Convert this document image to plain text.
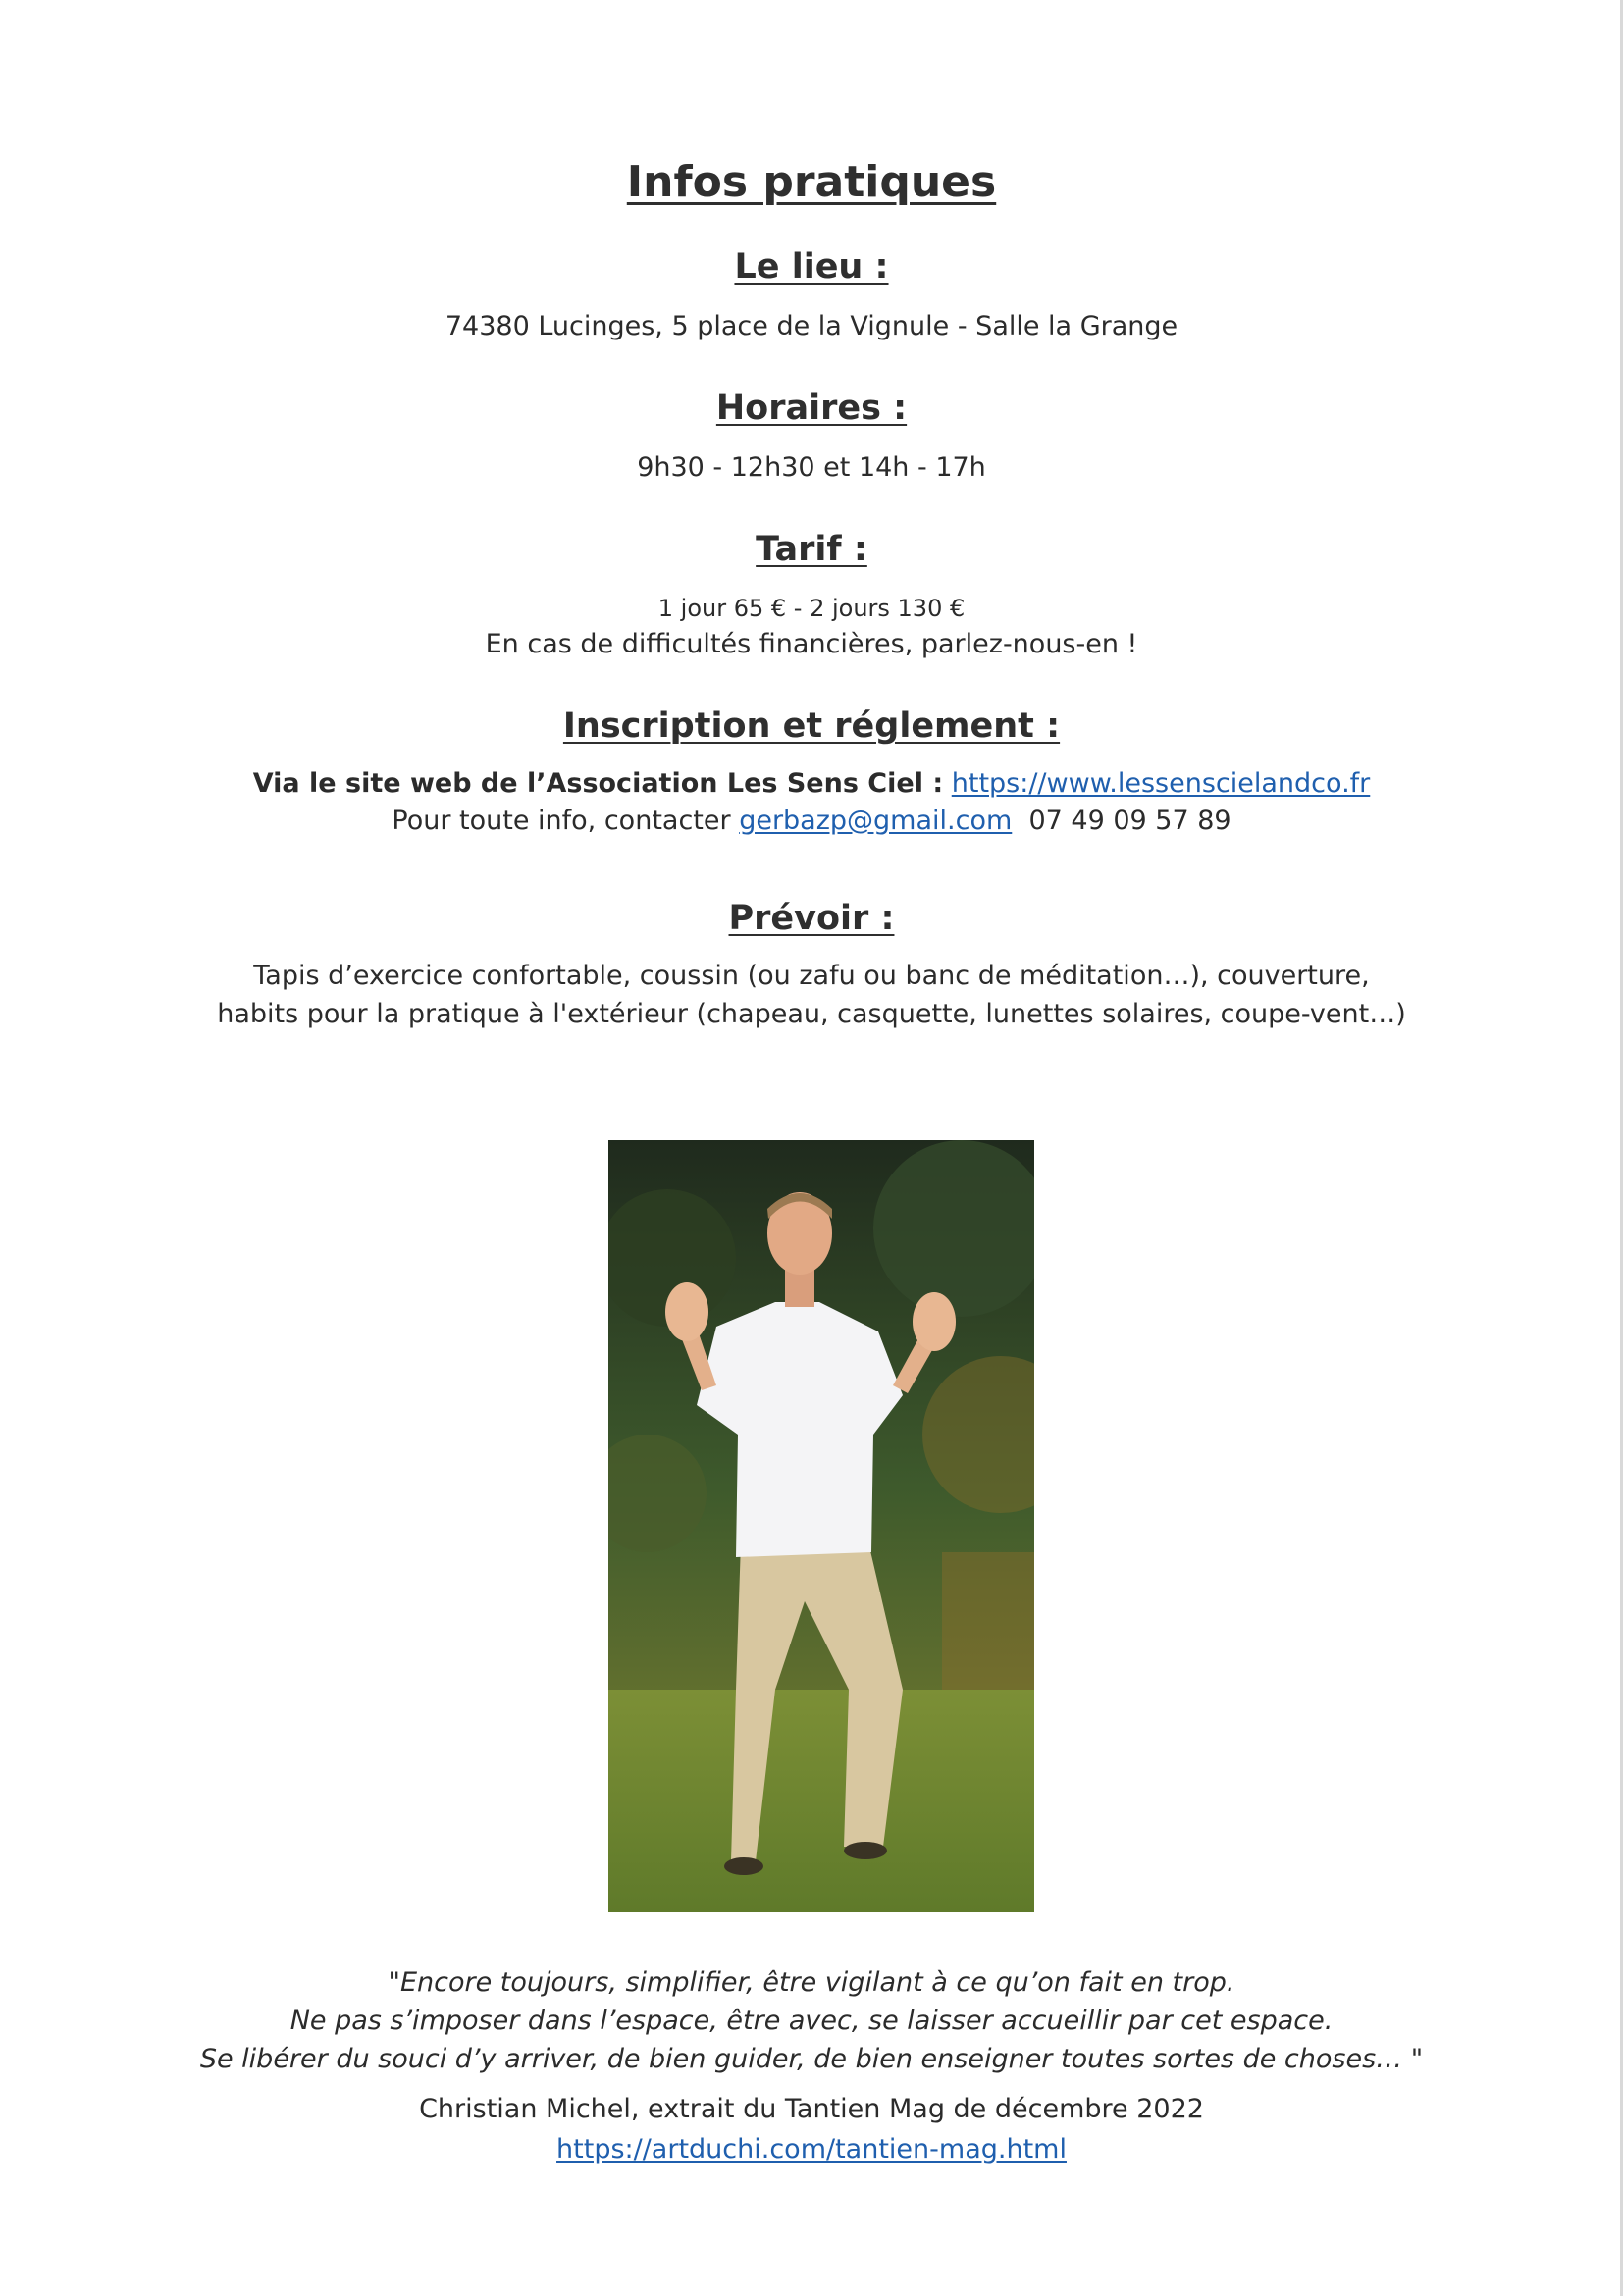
Infos pratiques
Le lieu :
74380 Lucinges, 5 place de la Vignule - Salle la Grange
Horaires :
9h30 - 12h30 et 14h - 17h
Tarif :
1 jour 65 € - 2 jours 130 €
En cas de difficultés financières, parlez-nous-en !
Inscription et réglement :
Via le site web de l’Association Les Sens Ciel : https://www.lessenscielandco.fr
Pour toute info, contacter gerbazp@gmail.com 07 49 09 57 89
Prévoir :
Tapis d’exercice confortable, coussin (ou zafu ou banc de méditation…), couverture,
habits pour la pratique à l'extérieur (chapeau, casquette, lunettes solaires, coupe-vent…)
"Encore toujours, simplifier, être vigilant à ce qu’on fait en trop.
Ne pas s’imposer dans l’espace, être avec, se laisser accueillir par cet espace.
Se libérer du souci d’y arriver, de bien guider, de bien enseigner toutes sortes de choses… "
Christian Michel, extrait du Tantien Mag de décembre 2022
https://artduchi.com/tantien-mag.html
